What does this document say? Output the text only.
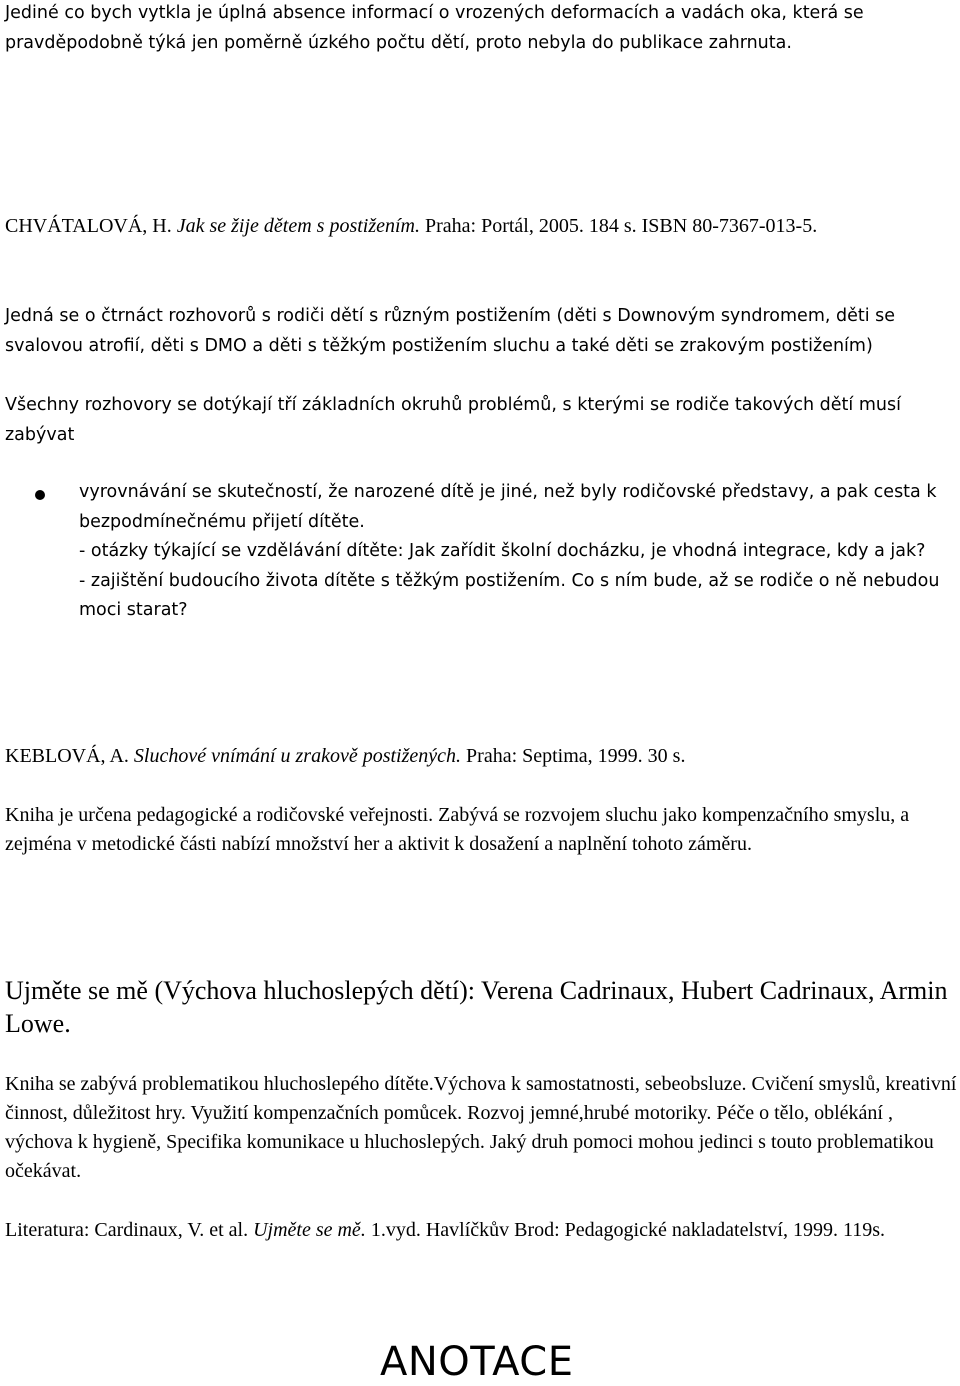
Jediné co bych vytkla je úplná absence informací o vrozených deformacích a vadách oka, která se pravděpodobně týká jen poměrně úzkého počtu dětí, proto nebyla do publikace zahrnuta.

CHVÁTALOVÁ, H. Jak se žije dětem s postižením. Praha: Portál, 2005. 184 s. ISBN 80-7367-013-5.

Jedná se o čtrnáct rozhovorů s rodiči dětí s různým postižením (děti s Downovým syndromem, děti se svalovou atrofií, děti s DMO a děti s těžkým postižením sluchu a také děti se zrakovým postižením)

Všechny rozhovory se dotýkají tří základních okruhů problémů, s kterými se rodiče takových dětí musí zabývat

vyrovnávání se skutečností, že narozené dítě je jiné, než byly rodičovské představy, a pak cesta k bezpodmínečnému přijetí dítěte.
- otázky týkající se vzdělávání dítěte: Jak zařídit školní docházku, je vhodná integrace, kdy a jak?
- zajištění budoucího života dítěte s těžkým postižením. Co s ním bude, až se rodiče o ně nebudou moci starat?

KEBLOVÁ, A. Sluchové vnímání u zrakově postižených. Praha: Septima, 1999. 30 s.

Kniha je určena pedagogické a rodičovské veřejnosti. Zabývá se rozvojem sluchu jako kompenzačního smyslu, a zejména v metodické části nabízí množství her a aktivit k dosažení a naplnění tohoto záměru.

Ujměte se mě (Výchova hluchoslepých dětí): Verena Cadrinaux, Hubert Cadrinaux, Armin Lowe.

Kniha se zabývá problematikou hluchoslepého dítěte.Výchova k samostatnosti, sebeobsluze. Cvičení smyslů, kreativní činnost, důležitost hry. Využití kompenzačních pomůcek. Rozvoj jemné,hrubé motoriky. Péče o tělo, oblékání , výchova k hygieně, Specifika komunikace u hluchoslepých. Jaký druh pomoci mohou jedinci s touto problematikou očekávat.

Literatura: Cardinaux, V. et al. Ujměte se mě. 1.vyd. Havlíčkův Brod: Pedagogické nakladatelství, 1999. 119s.

ANOTACE
